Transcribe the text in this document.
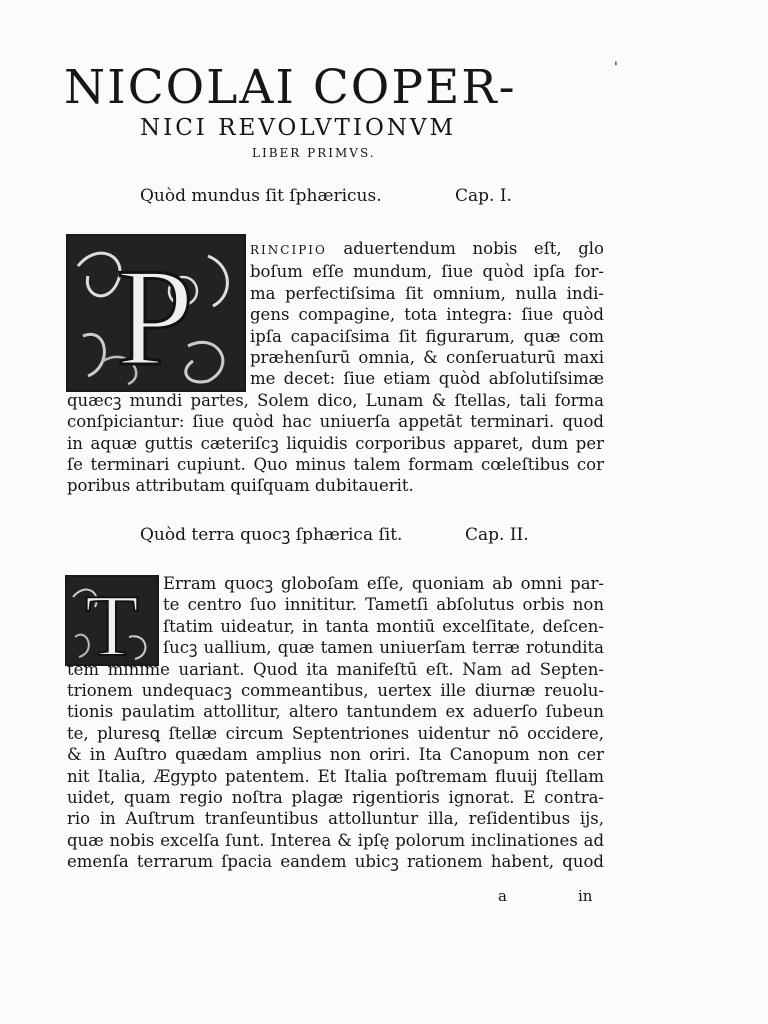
'
NICOLAI COPER-
NICI REVOLVTIONVM
LIBER PRIMVS.
Quòd mundus ſit ſphæricus.	Cap. I.
P	RINCIPIO aduertendum nobis eſt, glo
boſum eſſe mundum, ſiue quòd ipſa for-
ma perfectiſsima ſit omnium, nulla indi-
gens compagine, tota integra: ſiue quòd
ipſa capaciſsima ſit figurarum, quæ com
præhenſurū omnia, & conſeruaturū maxi
me decet: ſiue etiam quòd abſolutiſsimæ
quæcꝫ mundi partes, Solem dico, Lunam & ſtellas, tali forma
conſpiciantur: ſiue quòd hac uniuerſa appetāt terminari. quod
in aquæ guttis cæteriſcꝫ liquidis corporibus apparet, dum per
ſe terminari cupiunt. Quo minus talem formam cœleſtibus cor
poribus attributam quiſquam dubitauerit.
Quòd terra quocꝫ ſphærica ſit.	Cap. II.
T Erram quocꝫ globoſam eſſe, quoniam ab omni par-
te centro ſuo innititur. Tametſi abſolutus orbis non
ſtatim uideatur, in tanta montiū excelſitate, deſcen-
ſucꝫ uallium, quæ tamen uniuerſam terræ rotundita
tem minime uariant. Quod ita manifeſtū eſt. Nam ad Septen-
trionem undequacꝫ commeantibus, uertex ille diurnæ reuolu-
tionis paulatim attollitur, altero tantundem ex aduerſo ſubeun
te, pluresꝗ ſtellæ circum Septentriones uidentur nō occidere,
& in Auſtro quædam amplius non oriri. Ita Canopum non cer
nit Italia, Ægypto patentem. Et Italia poſtremam fluuij ſtellam
uidet, quam regio noſtra plagæ rigentioris ignorat. E contra-
rio in Auſtrum tranſeuntibus attolluntur illa, reſidentibus ijs,
quæ nobis excelſa ſunt. Interea & ipſę polorum inclinationes ad
emenſa terrarum ſpacia eandem ubicꝫ rationem habent, quod
a	in
